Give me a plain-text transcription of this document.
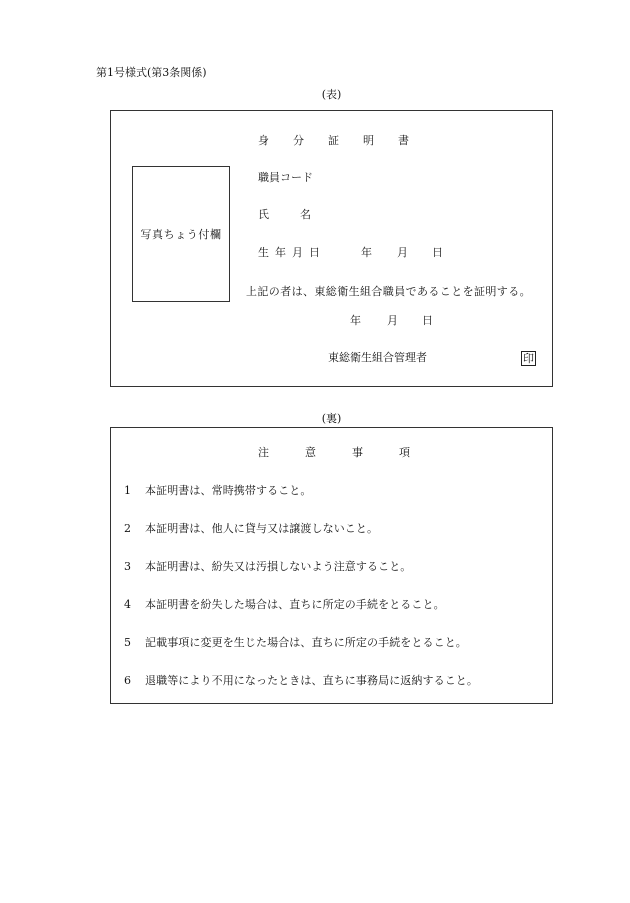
第1号様式(第3条関係)
(表)
身分証明書
写真ちょう付欄
職員コード
氏名
生年月日	年 月 日
上記の者は、東総衛生組合職員であることを証明する。
年 月 日
東総衛生組合管理者	印
(裏)
注意事項
1 本証明書は、常時携帯すること。
2 本証明書は、他人に貸与又は譲渡しないこと。
3 本証明書は、紛失又は汚損しないよう注意すること。
4 本証明書を紛失した場合は、直ちに所定の手続をとること。
5 記載事項に変更を生じた場合は、直ちに所定の手続をとること。
6 退職等により不用になったときは、直ちに事務局に返納すること。
